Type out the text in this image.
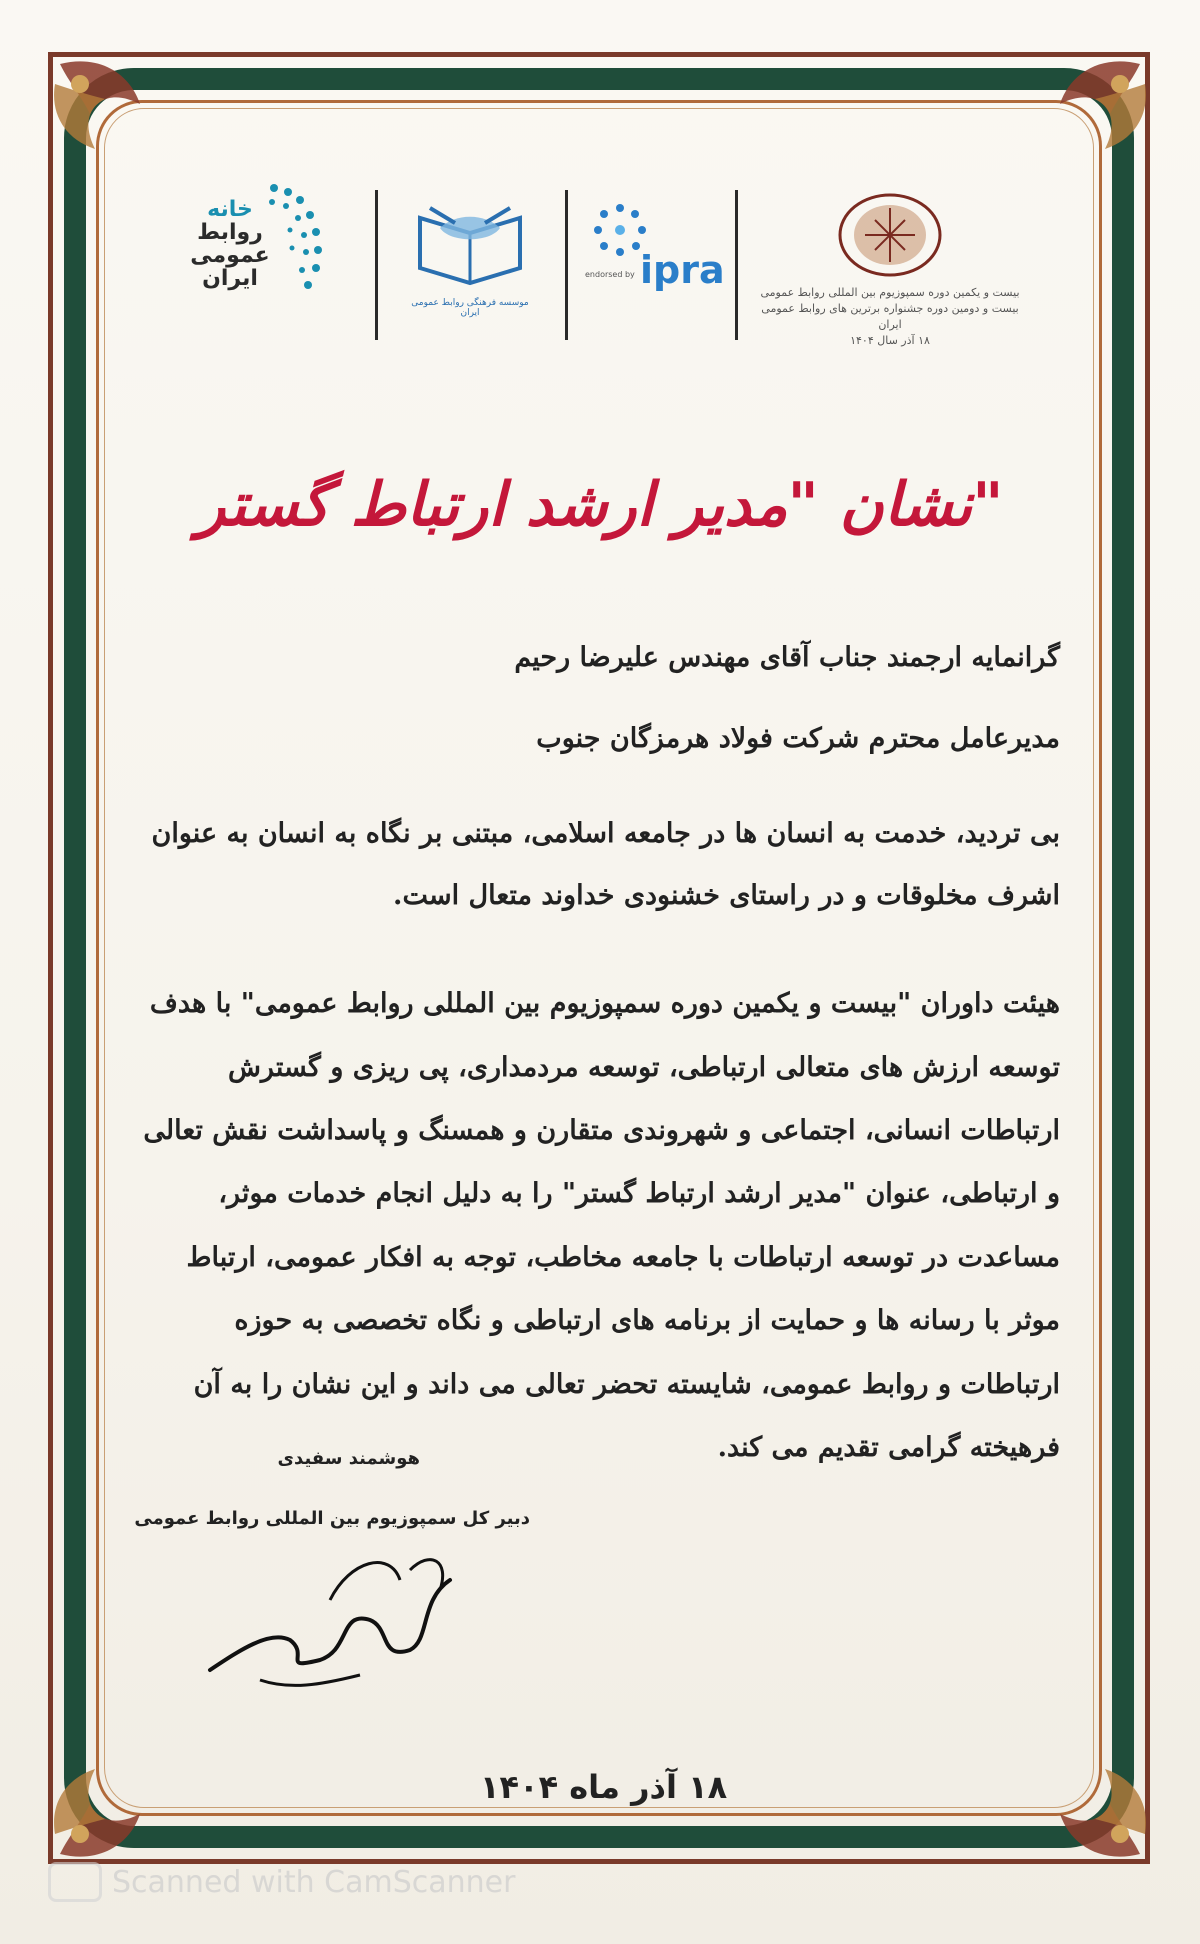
خانه
روابط
عمومی
ایران
موسسه فرهنگی روابط عمومی ایران
endorsed by ipra
بیست و یکمین دوره سمپوزیوم بین المللی روابط عمومی
بیست و دومین دوره جشنواره برترین های روابط عمومی ایران
۱۸ آذر سال ۱۴۰۴
نشان "مدیر ارشد ارتباط گستر"

گرانمایه ارجمند جناب آقای مهندس علیرضا رحیم

مدیرعامل محترم شرکت فولاد هرمزگان جنوب

بی تردید، خدمت به انسان ها در جامعه اسلامی، مبتنی بر نگاه به انسان به عنوان اشرف مخلوقات و در راستای خشنودی خداوند متعال است.

هیئت داوران "بیست و یکمین دوره سمپوزیوم بین المللی روابط عمومی" با هدف توسعه ارزش های متعالی ارتباطی، توسعه مردمداری، پی ریزی و گسترش ارتباطات انسانی، اجتماعی و شهروندی متقارن و همسنگ و پاسداشت نقش تعالی و ارتباطی، عنوان "مدیر ارشد ارتباط گستر" را به دلیل انجام خدمات موثر، مساعدت در توسعه ارتباطات با جامعه مخاطب، توجه به افکار عمومی، ارتباط موثر با رسانه ها و حمایت از برنامه های ارتباطی و نگاه تخصصی به حوزه ارتباطات و روابط عمومی، شایسته تحضر تعالی می داند و این نشان را به آن فرهیخته گرامی تقدیم می کند.

هوشمند سفیدی
دبیر کل سمپوزیوم بین المللی روابط عمومی
۱۸ آذر ماه ۱۴۰۴
Scanned with CamScanner
